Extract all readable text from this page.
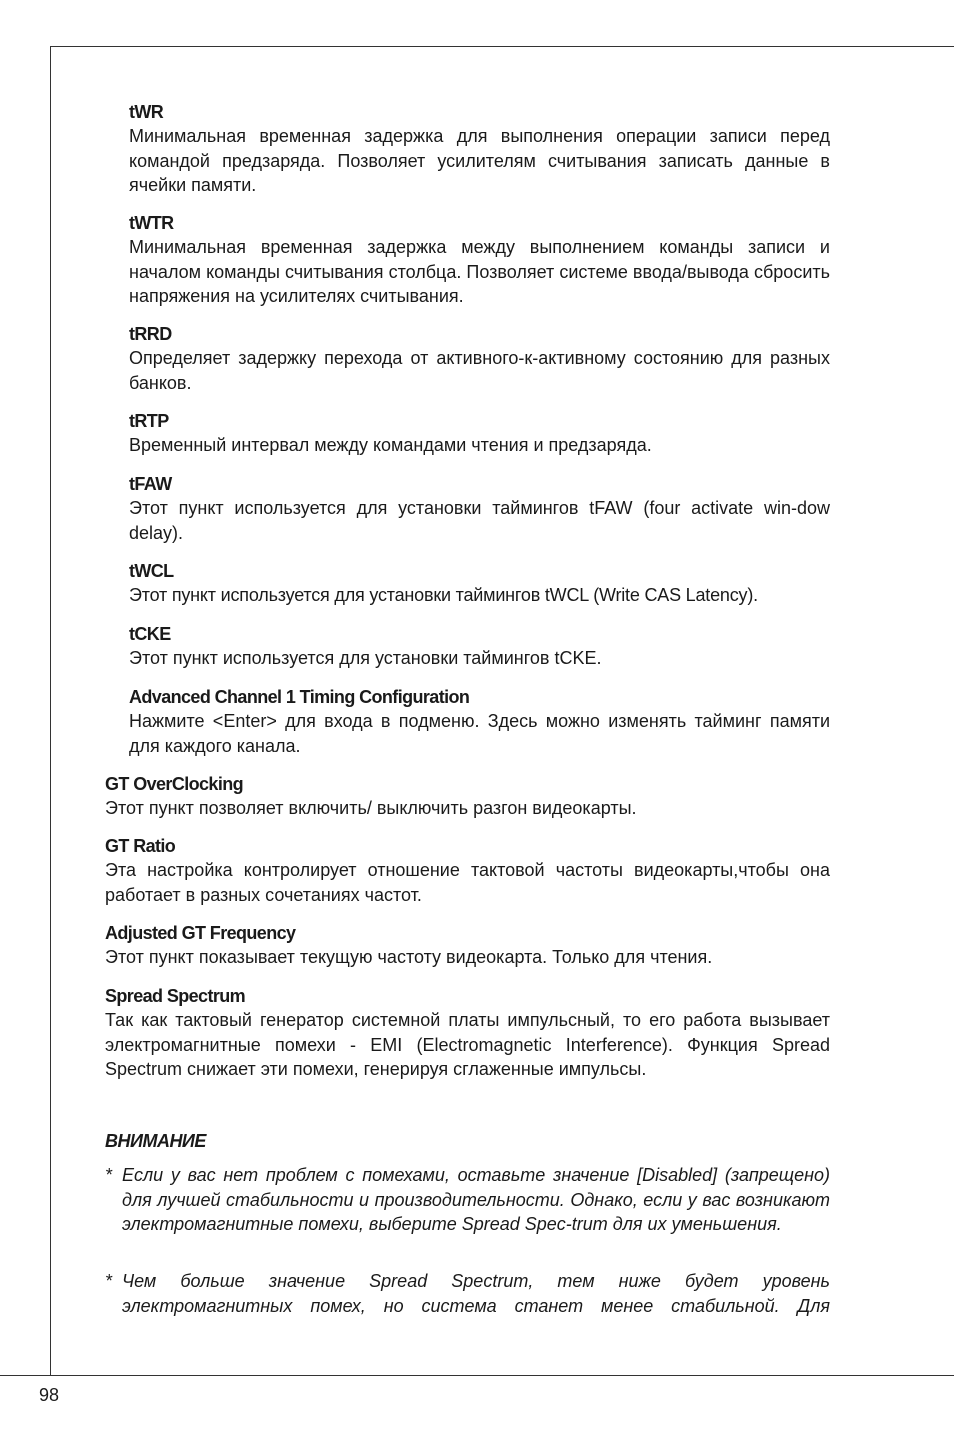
tWR

Минимальная временная задержка для выполнения операции записи перед командой предзаряда. Позволяет усилителям считывания записать данные в ячейки памяти.

tWTR

Минимальная временная задержка между выполнением команды записи и началом команды считывания столбца. Позволяет системе ввода/вывода сбросить напряжения на усилителях считывания.

tRRD

Определяет задержку перехода от активного-к-активному состоянию для разных банков.

tRTP

Временный интервал между командами чтения и предзаряда.

tFAW

Этот пункт используется для установки таймингов tFAW (four activate win-dow delay).

tWCL

Этот пункт используется для установки таймингов tWCL (Write CAS Latency).

tCKE

Этот пункт используется для установки таймингов tCKE.

Advanced Channel 1 Timing Configuration

Нажмите <Enter> для входа в подменю. Здесь можно изменять тайминг памяти для каждого канала.

GT OverClocking

Этот пункт позволяет включить/ выключить разгон видеокарты.

GT Ratio

Эта настройка контролирует отношение тактовой частоты видеокарты,чтобы она работает в разных сочетаниях частот.

Adjusted GT Frequency

Этот пункт показывает текущую частоту видеокарта. Только для чтения.

Spread Spectrum

Так как тактовый генератор системной платы импульсный, то его работа вызывает электромагнитные помехи - EMI (Electromagnetic Interference). Функция Spread Spectrum снижает эти помехи, генерируя сглаженные импульсы.

ВНИМАНИЕ
* Если у вас нет проблем с помехами, оставьте значение [Disabled] (запрещено) для лучшей стабильности и производительности. Однако, если у вас возникают электромагнитные помехи, выберите Spread Spec-trum для их уменьшения.

* Чем больше значение Spread Spectrum, тем ниже будет уровень электромагнитных помех, но система станет менее стабильной. Для

98
